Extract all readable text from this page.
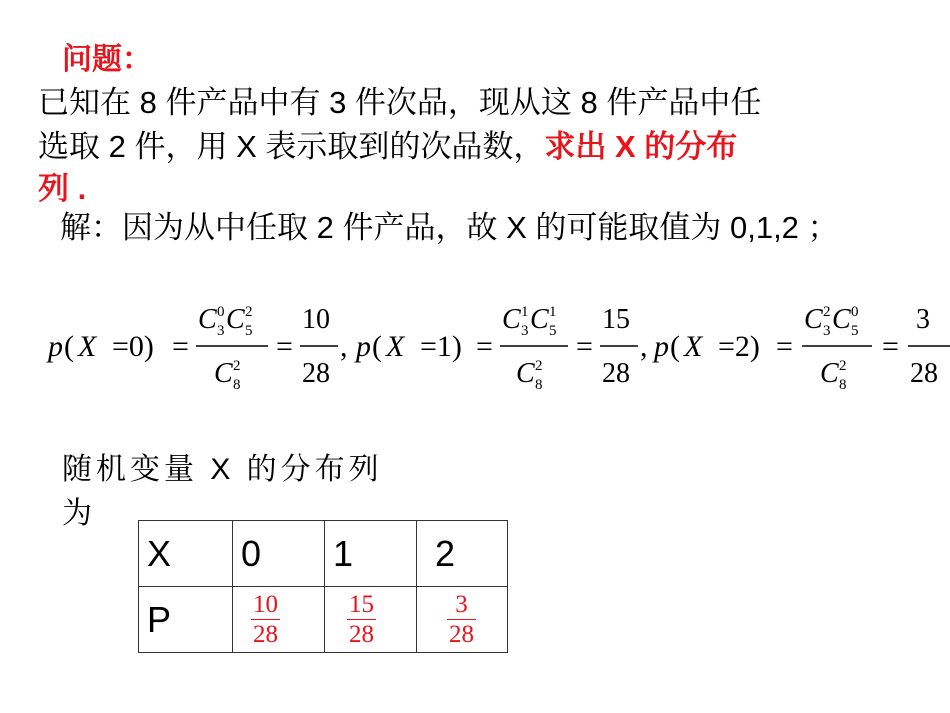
问题：
已知在 8 件产品中有 3 件次品，现从这 8 件产品中任
选取 2 件，用 X 表示取到的次品数，求出 X 的分布
列 .
解：因为从中任取 2 件产品，故 X 的可能取值为 0,1,2 ；
p ( X =0) =
C 0
3 C 2
5
C 2
8
=
10
28
, p ( X =1) =
C 1
3 C 1
5
C 2
8
=
15
28
, p ( X =2) =
C 2
3 C 0
5
C 2
8
=
3
28
随机变量 X 的分布列
为
X	0	1	2
P	$\frac{10}{28}$	$\frac{15}{28}$	$\frac{3}{28}$
